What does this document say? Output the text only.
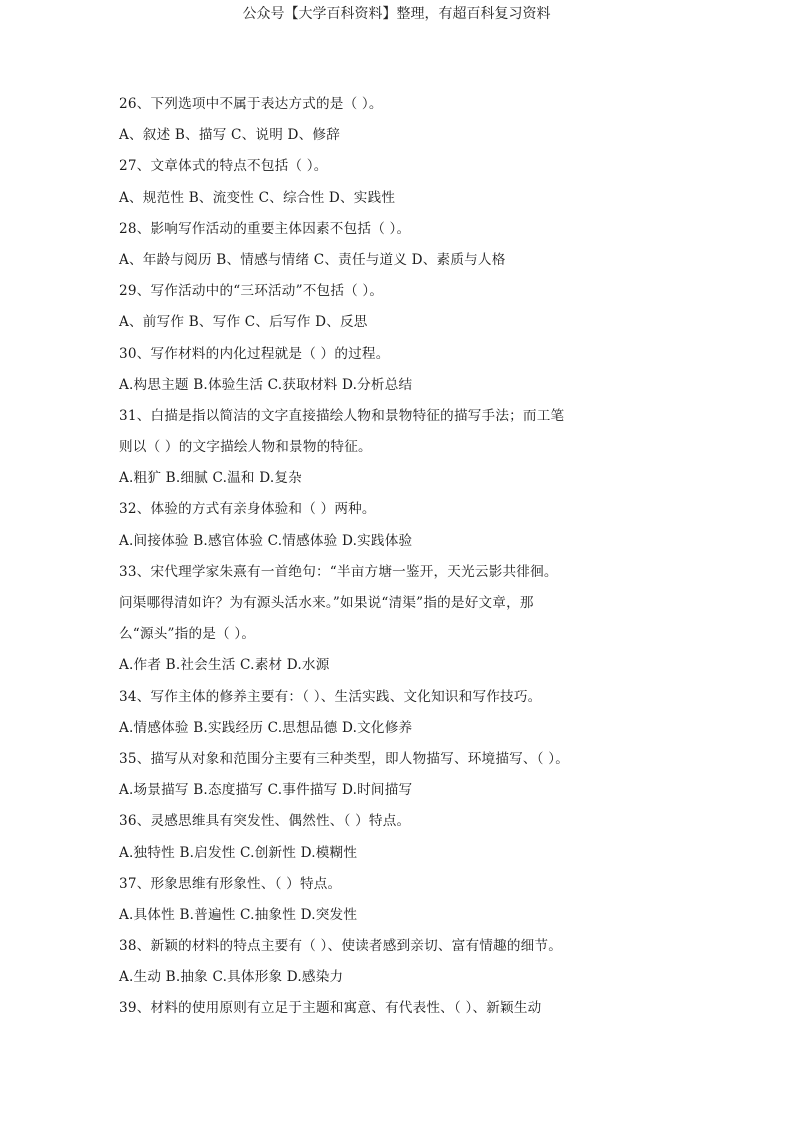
公众号【大学百科资料】整理，有超百科复习资料
26、下列选项中不属于表达方式的是（ ）。
A、叙述 B、描写 C、说明 D、修辞
27、文章体式的特点不包括（ ）。
A、规范性 B、流变性 C、综合性 D、实践性
28、影响写作活动的重要主体因素不包括（ ）。
A、年龄与阅历 B、情感与情绪 C、责任与道义 D、素质与人格
29、写作活动中的“三环活动”不包括（ ）。
A、前写作 B、写作 C、后写作 D、反思
30、写作材料的内化过程就是（ ）的过程。
A.构思主题 B.体验生活 C.获取材料 D.分析总结
31、白描是指以简洁的文字直接描绘人物和景物特征的描写手法；而工笔
则以（ ）的文字描绘人物和景物的特征。
A.粗犷 B.细腻 C.温和 D.复杂
32、体验的方式有亲身体验和（ ）两种。
A.间接体验 B.感官体验 C.情感体验 D.实践体验
33、宋代理学家朱熹有一首绝句：“半亩方塘一鉴开，天光云影共徘徊。
问渠哪得清如许？为有源头活水来。”如果说“清渠”指的是好文章，那
么“源头”指的是（ ）。
A.作者 B.社会生活 C.素材 D.水源
34、写作主体的修养主要有：（ ）、生活实践、文化知识和写作技巧。
A.情感体验 B.实践经历 C.思想品德 D.文化修养
35、描写从对象和范围分主要有三种类型，即人物描写、环境描写、（ ）。
A.场景描写 B.态度描写 C.事件描写 D.时间描写
36、灵感思维具有突发性、偶然性、（ ）特点。
A.独特性 B.启发性 C.创新性 D.模糊性
37、形象思维有形象性、（ ）特点。
A.具体性 B.普遍性 C.抽象性 D.突发性
38、新颖的材料的特点主要有（ ）、使读者感到亲切、富有情趣的细节。
A.生动 B.抽象 C.具体形象 D.感染力
39、材料的使用原则有立足于主题和寓意、有代表性、（ ）、新颖生动
